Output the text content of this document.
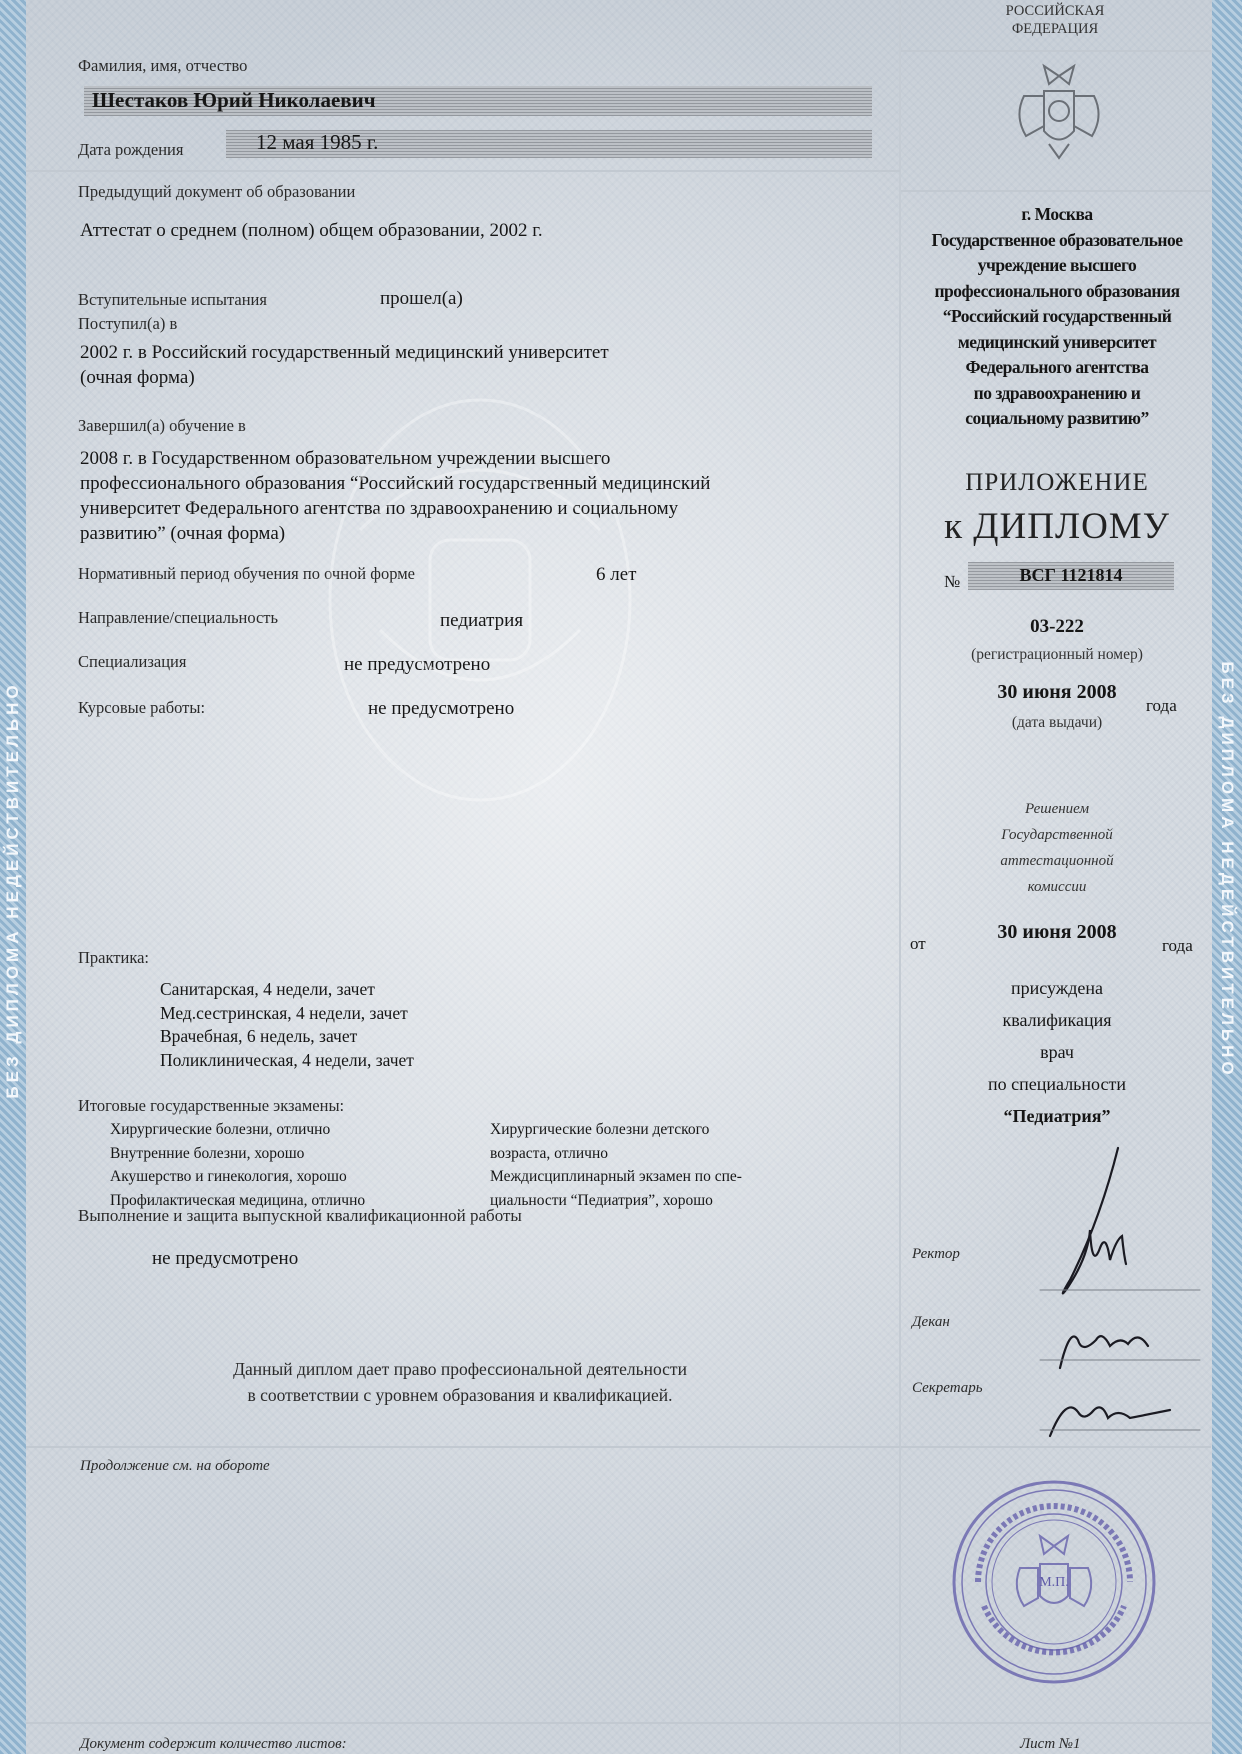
БЕЗ ДИПЛОМА НЕДЕЙСТВИТЕЛЬНО	БЕЗ ДИПЛОМА НЕДЕЙСТВИТЕЛЬНО
Фамилия, имя, отчество
Шестаков Юрий Николаевич
Дата рождения	12 мая 1985 г.
Предыдущий документ об образовании
Аттестат о среднем (полном) общем образовании, 2002 г.
Вступительные испытания	прошел(а)
Поступил(а) в
2002 г. в Российский государственный медицинский университет
(очная форма)
Завершил(а) обучение в
2008 г. в Государственном образовательном учреждении высшего
профессионального образования “Российский государственный медицинский
университет Федерального агентства по здравоохранению и социальному
развитию” (очная форма)
Нормативный период обучения по очной форме	6 лет
Направление/специальность	педиатрия
Специализация	не предусмотрено
Курсовые работы:	не предусмотрено
Практика:
Санитарская, 4 недели, зачет
Мед.сестринская, 4 недели, зачет
Врачебная, 6 недель, зачет
Поликлиническая, 4 недели, зачет
Итоговые государственные экзамены:
Хирургические болезни, отлично
Внутренние болезни, хорошо
Акушерство и гинекология, хорошо
Профилактическая медицина, отлично
Хирургические болезни детского
возраста, отлично
Междисциплинарный экзамен по спе-
циальности “Педиатрия”, хорошо
Выполнение и защита выпускной квалификационной работы
не предусмотрено
Данный диплом дает право профессиональной деятельности
в соответствии с уровнем образования и квалификацией.
Продолжение см. на обороте
Документ содержит количество листов:
РОССИЙСКАЯ
ФЕДЕРАЦИЯ
г. Москва
Государственное образовательное
учреждение высшего
профессионального образования
“Российский государственный
медицинский университет
Федерального агентства
по здравоохранению и
социальному развитию”
ПРИЛОЖЕНИЕ
к ДИПЛОМУ
№	ВСГ 1121814
03-222
(регистрационный номер)
30 июня 2008
года
(дата выдачи)
Решением
Государственной
аттестационной
комиссии
от
30 июня 2008
года
присуждена
квалификация
врач
по специальности
“Педиатрия”
Ректор
Декан
Секретарь
М.П.
Лист №1
